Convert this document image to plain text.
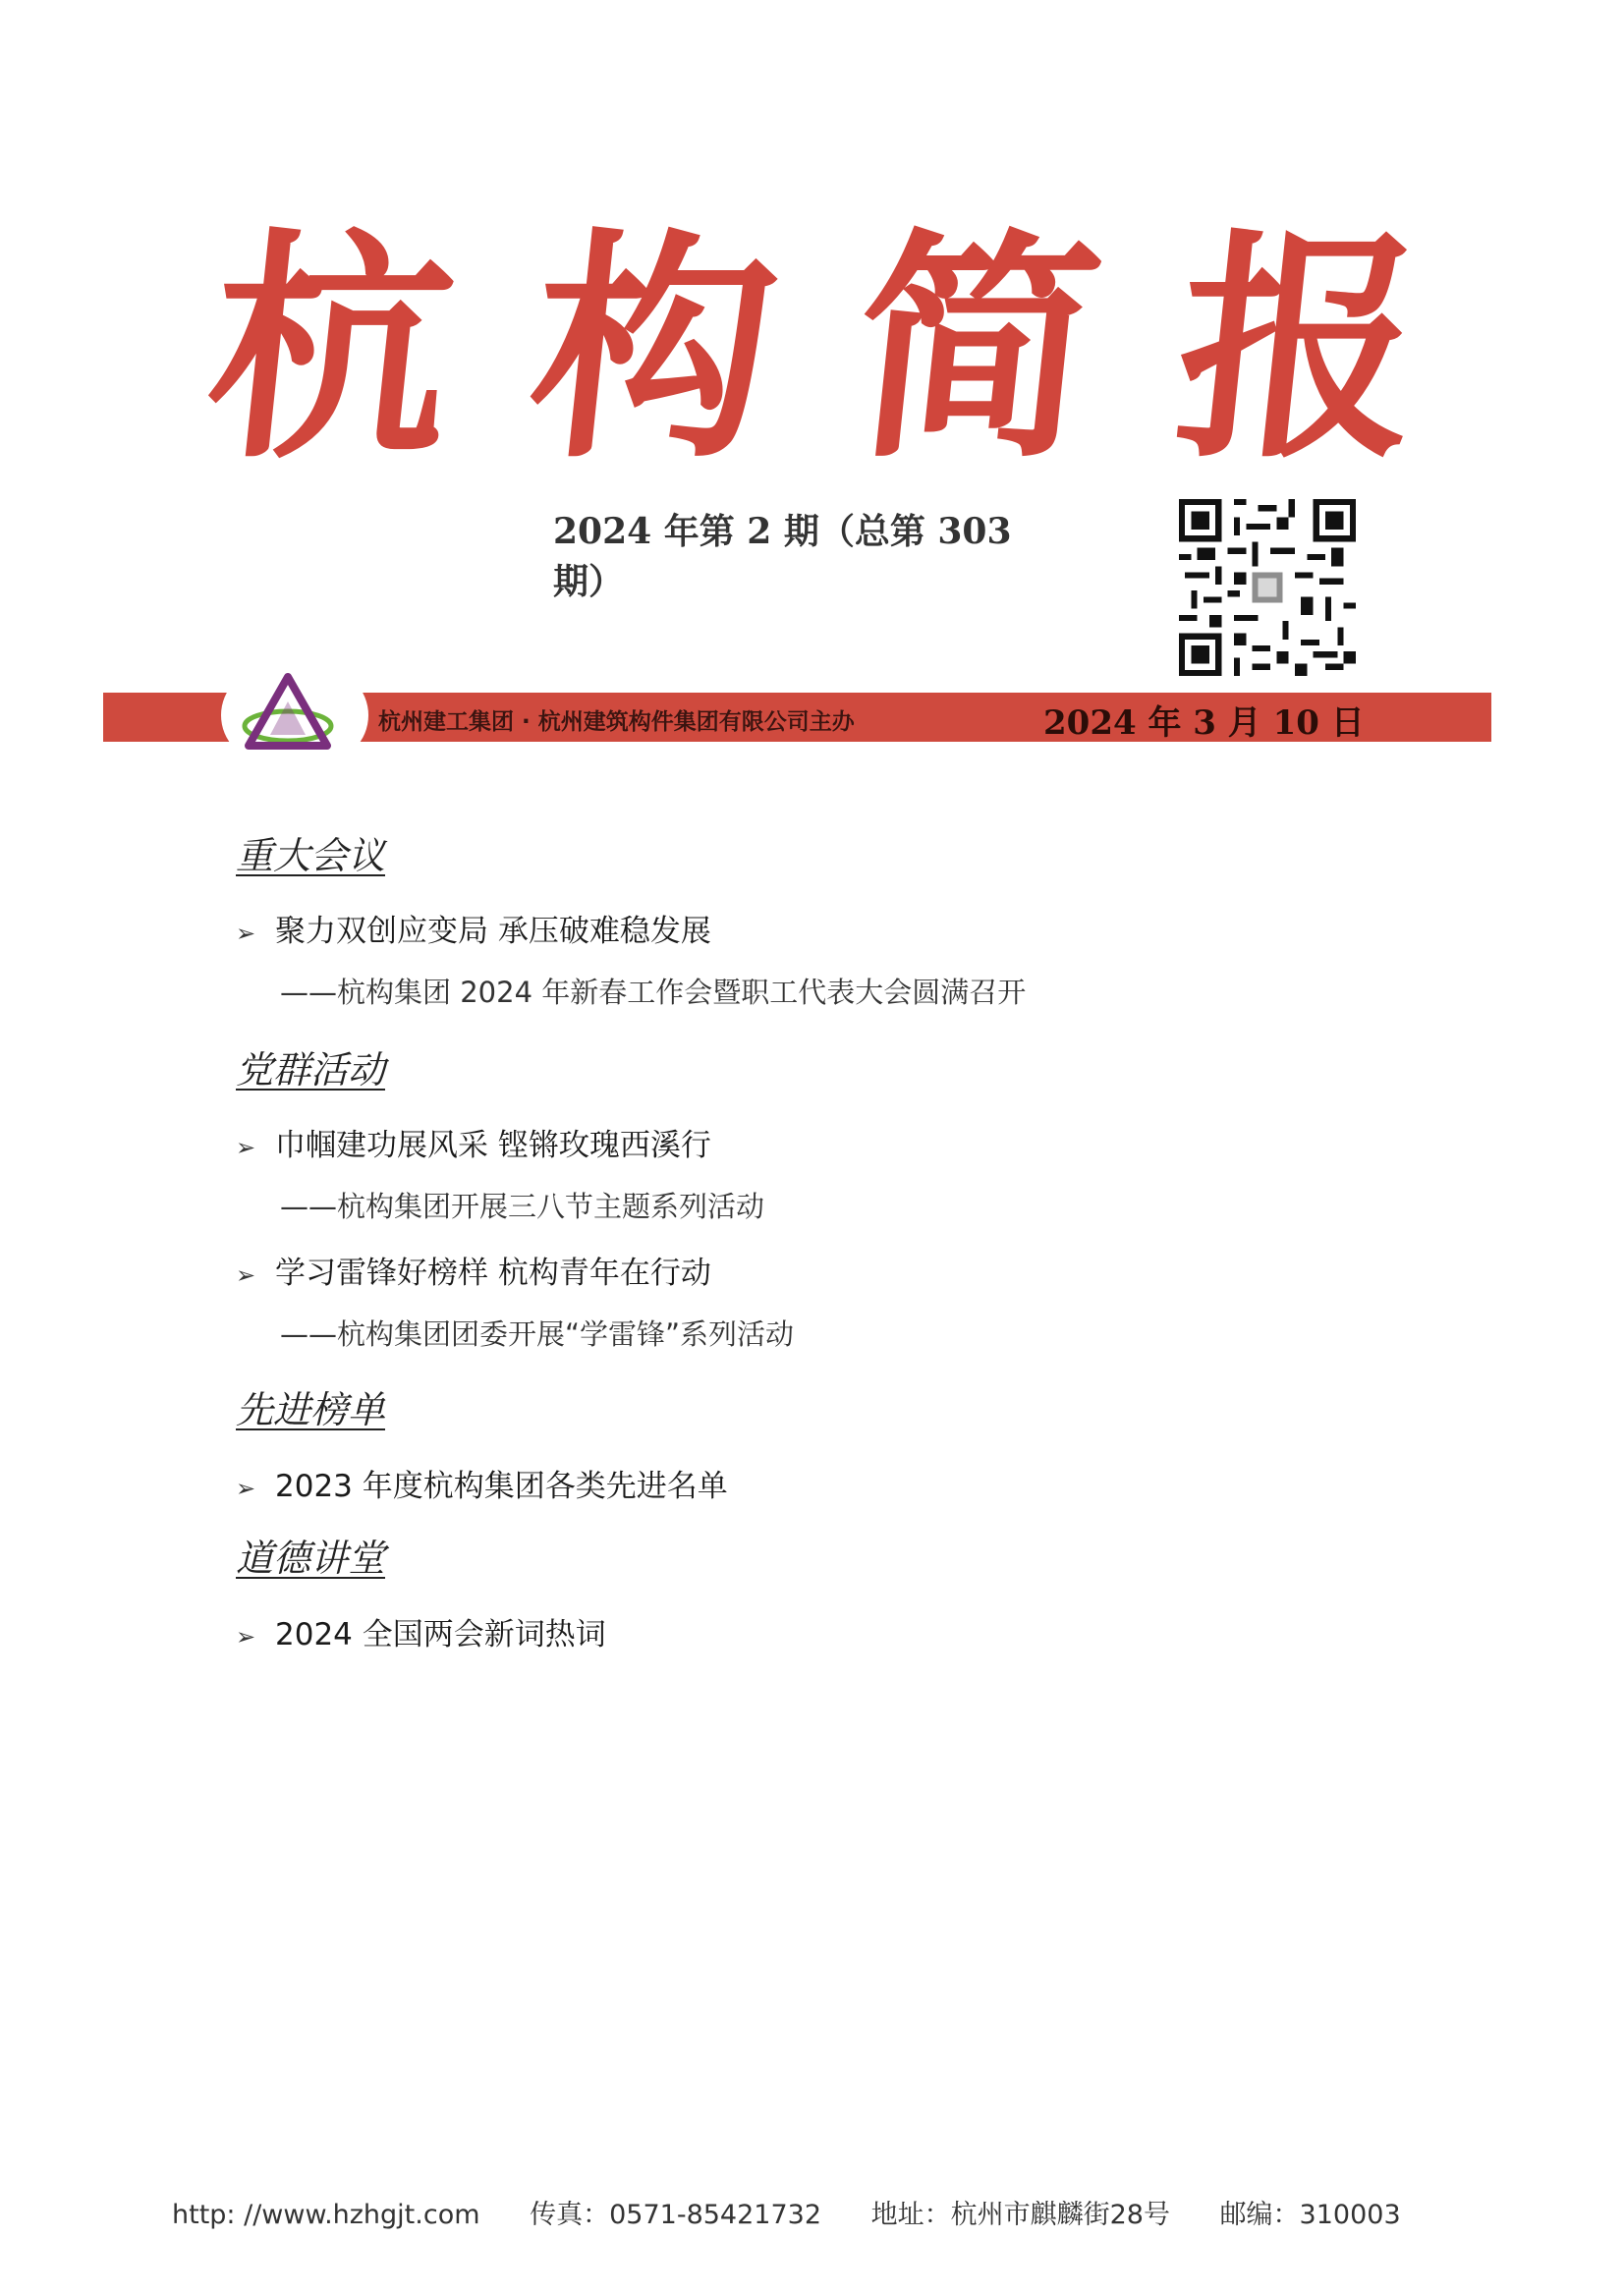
杭 构 简 报
2024 年第 2 期（总第 303 期）
杭州建工集团 · 杭州建筑构件集团有限公司主办	2024 年 3 月 10 日
重大会议
➢ 聚力双创应变局 承压破难稳发展
——杭构集团 2024 年新春工作会暨职工代表大会圆满召开
党群活动
➢ 巾帼建功展风采 铿锵玫瑰西溪行
——杭构集团开展三八节主题系列活动
➢ 学习雷锋好榜样 杭构青年在行动
——杭构集团团委开展“学雷锋”系列活动
先进榜单
➢ 2023 年度杭构集团各类先进名单
道德讲堂
➢ 2024 全国两会新词热词
http: //www.hzhgjt.com 传真：0571-85421732 地址：杭州市麒麟街28号 邮编：310003
